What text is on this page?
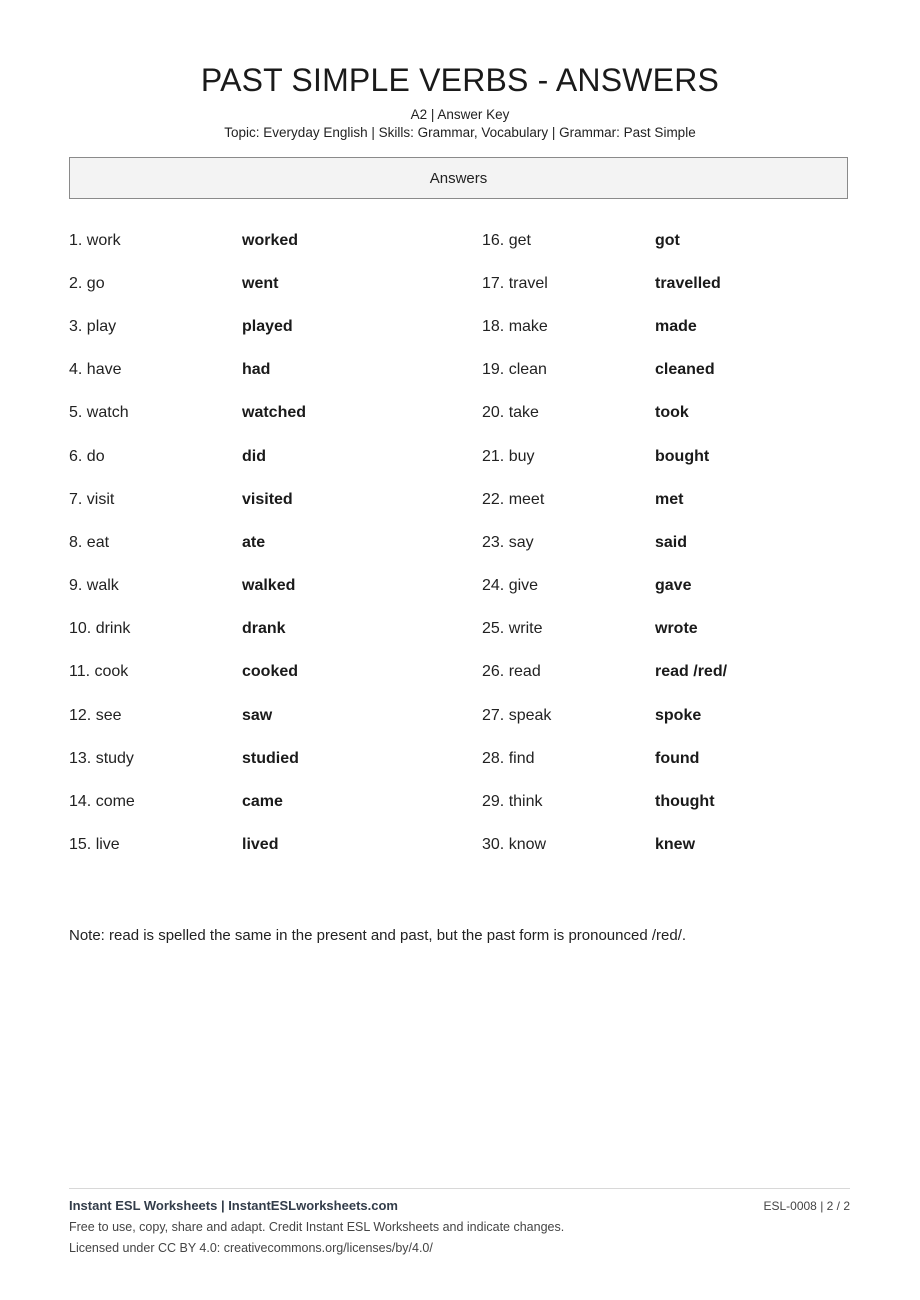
PAST SIMPLE VERBS - ANSWERS
A2 | Answer Key
Topic: Everyday English | Skills: Grammar, Vocabulary | Grammar: Past Simple
Answers
1. work	worked
2. go	went
3. play	played
4. have	had
5. watch	watched
6. do	did
7. visit	visited
8. eat	ate
9. walk	walked
10. drink	drank
11. cook	cooked
12. see	saw
13. study	studied
14. come	came
15. live	lived
16. get	got
17. travel	travelled
18. make	made
19. clean	cleaned
20. take	took
21. buy	bought
22. meet	met
23. say	said
24. give	gave
25. write	wrote
26. read	read /red/
27. speak	spoke
28. find	found
29. think	thought
30. know	knew
Note: read is spelled the same in the present and past, but the past form is pronounced /red/.
Instant ESL Worksheets | InstantESLworksheets.com	ESL-0008 | 2 / 2
Free to use, copy, share and adapt. Credit Instant ESL Worksheets and indicate changes.
Licensed under CC BY 4.0: creativecommons.org/licenses/by/4.0/
